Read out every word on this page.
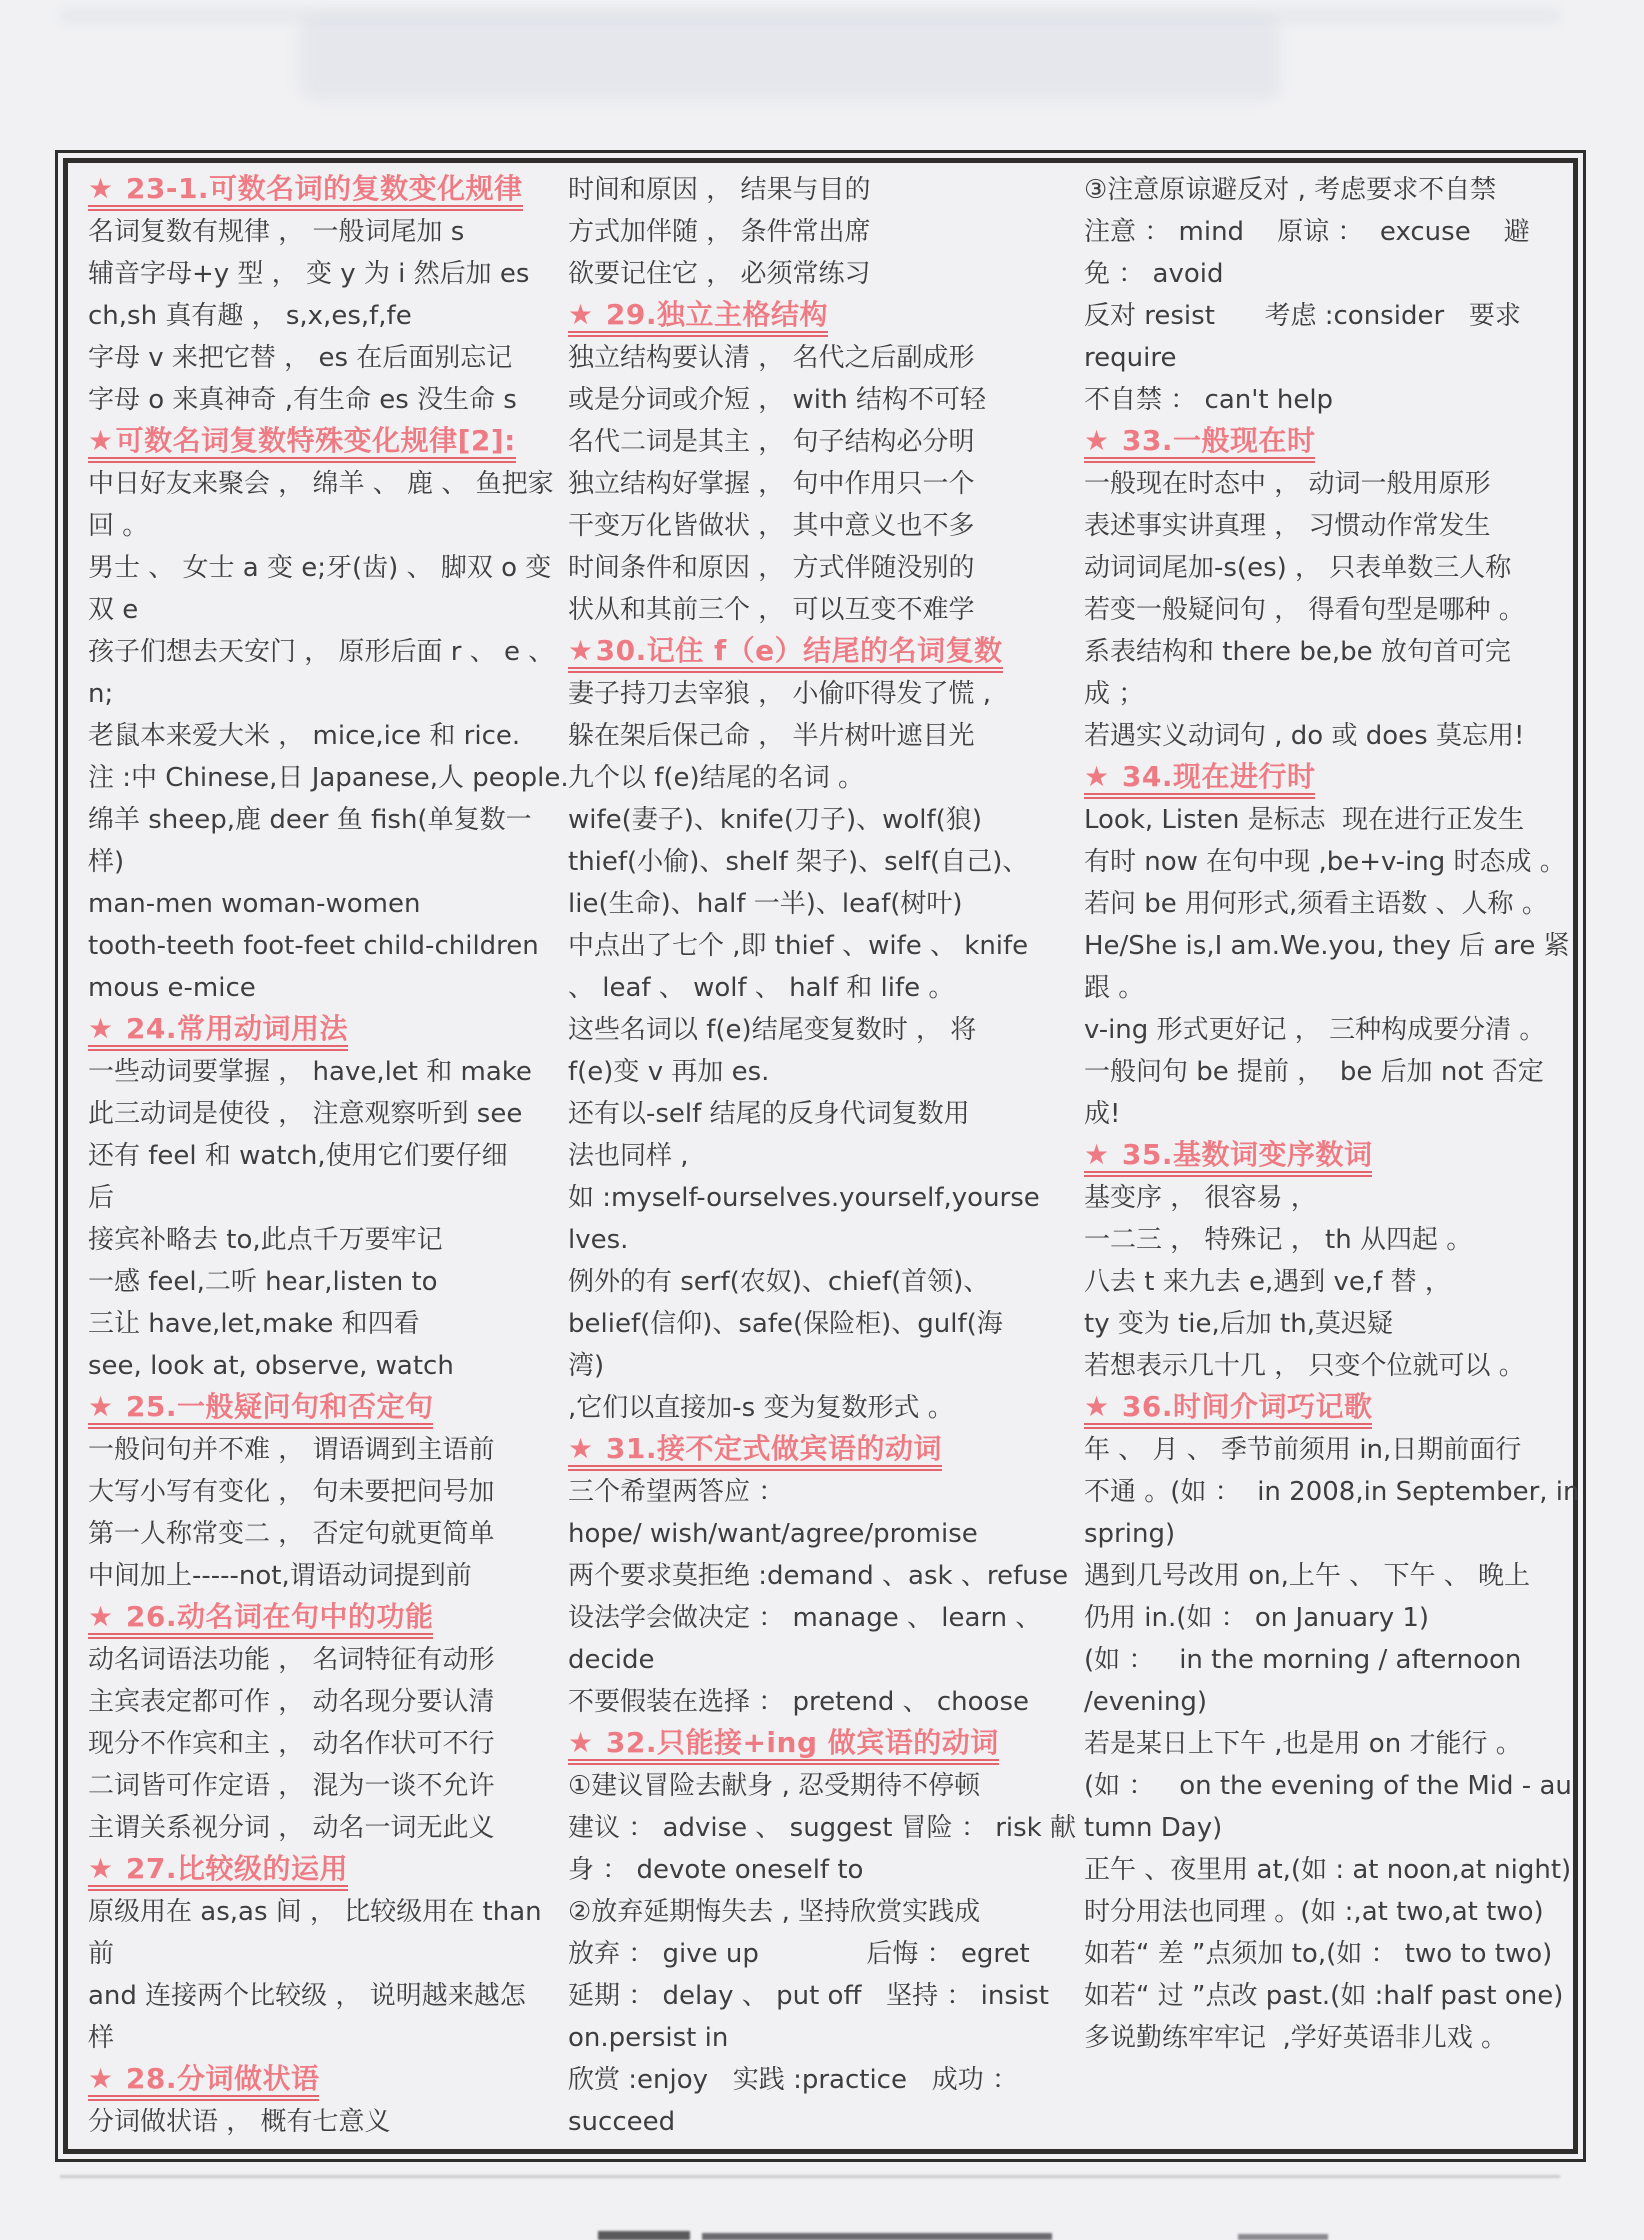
★ 23-1.可数名词的复数变化规律
名词复数有规律 ， 一般词尾加 s
辅音字母+y 型 ， 变 y 为 i 然后加 es
ch,sh 真有趣 ， s,x,es,f,fe
字母 v 来把它替 ， es 在后面别忘记
字母 o 来真神奇 ,有生命 es 没生命 s
★可数名词复数特殊变化规律[2]:
中日好友来聚会 ， 绵羊 、 鹿 、 鱼把家
回 。
男士 、 女士 a 变 e;牙(齿) 、 脚双 o 变
双 e
孩子们想去天安门 ， 原形后面 r 、 e 、
n;
老鼠本来爱大米 ， mice,ice 和 rice.
注 :中 Chinese,日 Japanese,人 people.
绵羊 sheep,鹿 deer 鱼 fish(单复数一
样)
man-men woman-women
tooth-teeth foot-feet child-children
mous e-mice
★ 24.常用动词用法
一些动词要掌握 ， have,let 和 make
此三动词是使役 ， 注意观察听到 see
还有 feel 和 watch,使用它们要仔细
后
接宾补略去 to,此点千万要牢记
一感 feel,二听 hear,listen to
三让 have,let,make 和四看
see, look at, observe, watch
★ 25.一般疑问句和否定句
一般问句并不难 ， 谓语调到主语前
大写小写有变化 ， 句未要把问号加
第一人称常变二 ， 否定句就更简单
中间加上-----not,谓语动词提到前
★ 26.动名词在句中的功能
动名词语法功能 ， 名词特征有动形
主宾表定都可作 ， 动名现分要认清
现分不作宾和主 ， 动名作状可不行
二词皆可作定语 ， 混为一谈不允许
主谓关系视分词 ， 动名一词无此义
★ 27.比较级的运用
原级用在 as,as 间 ， 比较级用在 than
前
and 连接两个比较级 ， 说明越来越怎
样
★ 28.分词做状语
分词做状语 ， 概有七意义
时间和原因 ， 结果与目的
方式加伴随 ， 条件常出席
欲要记住它 ， 必须常练习
★ 29.独立主格结构
独立结构要认清 ， 名代之后副成形
或是分词或介短 ， with 结构不可轻
名代二词是其主 ， 句子结构必分明
独立结构好掌握 ， 句中作用只一个
干变万化皆做状 ， 其中意义也不多
时间条件和原因 ， 方式伴随没别的
状从和其前三个 ， 可以互变不难学
★30.记住 f（e）结尾的名词复数
妻子持刀去宰狼 ， 小偷吓得发了慌 ,
躲在架后保己命 ， 半片树叶遮目光
九个以 f(e)结尾的名词 。
wife(妻子)、knife(刀子)、wolf(狼)
thief(小偷)、shelf 架子)、self(自己)、
lie(生命)、half 一半)、leaf(树叶)
中点出了七个 ,即 thief 、wife 、 knife
、 leaf 、 wolf 、 half 和 life 。
这些名词以 f(e)结尾变复数时 ， 将
f(e)变 v 再加 es.
还有以-self 结尾的反身代词复数用
法也同样 ,
如 :myself-ourselves.yourself,yourse
lves.
例外的有 serf(农奴)、chief(首领)、
belief(信仰)、safe(保险柜)、gulf(海
湾)
,它们以直接加-s 变为复数形式 。
★ 31.接不定式做宾语的动词
三个希望两答应 ：
hope/ wish/want/agree/promise
两个要求莫拒绝 :demand 、ask 、refuse
设法学会做决定 ： manage 、 learn 、
decide
不要假装在选择 ： pretend 、 choose
★ 32.只能接+ing 做宾语的动词
①建议冒险去献身 , 忍受期待不停顿
建议 ： advise 、 suggest 冒险 ： risk 献
身 ： devote oneself to
②放弃延期悔失去 , 坚持欣赏实践成
放弃 ： give up             后悔 ： egret
延期 ： delay 、 put off   坚持 ： insist
on.persist in
欣赏 :enjoy   实践 :practice   成功 ：
succeed
③注意原谅避反对 , 考虑要求不自禁
注意 ： mind    原谅 ：  excuse    避
免 ： avoid
反对 resist      考虑 :consider   要求
require
不自禁 ： can't help
★ 33.一般现在时
一般现在时态中 ， 动词一般用原形
表述事实讲真理 ， 习惯动作常发生
动词词尾加-s(es) ， 只表单数三人称
若变一般疑问句 ， 得看句型是哪种 。
系表结构和 there be,be 放句首可完
成 ；
若遇实义动词句 , do 或 does 莫忘用!
★ 34.现在进行时
Look, Listen 是标志  现在进行正发生
有时 now 在句中现 ,be+v-ing 时态成 。
若问 be 用何形式,须看主语数 、人称 。
He/She is,I am.We.you, they 后 are 紧
跟 。
v-ing 形式更好记 ， 三种构成要分清 。
一般问句 be 提前 ，  be 后加 not 否定
成!
★ 35.基数词变序数词
基变序 ， 很容易 ，
一二三 ， 特殊记 ， th 从四起 。
八去 t 来九去 e,遇到 ve,f 替 ，
ty 变为 tie,后加 th,莫迟疑
若想表示几十几 ， 只变个位就可以 。
★ 36.时间介词巧记歌
年 、 月 、 季节前须用 in,日期前面行
不通 。(如 ：  in 2008,in September, in
spring)
遇到几号改用 on,上午 、 下午 、 晚上
仍用 in.(如 ： on January 1)
(如 ：   in the morning / afternoon
/evening)
若是某日上下午 ,也是用 on 才能行 。
(如 ：   on the evening of the Mid - au
tumn Day)
正午 、夜里用 at,(如 : at noon,at night)
时分用法也同理 。(如 :,at two,at two)
如若“ 差 ”点须加 to,(如 ： two to two)
如若“ 过 ”点改 past.(如 :half past one)
多说勤练牢牢记  ,学好英语非儿戏 。
